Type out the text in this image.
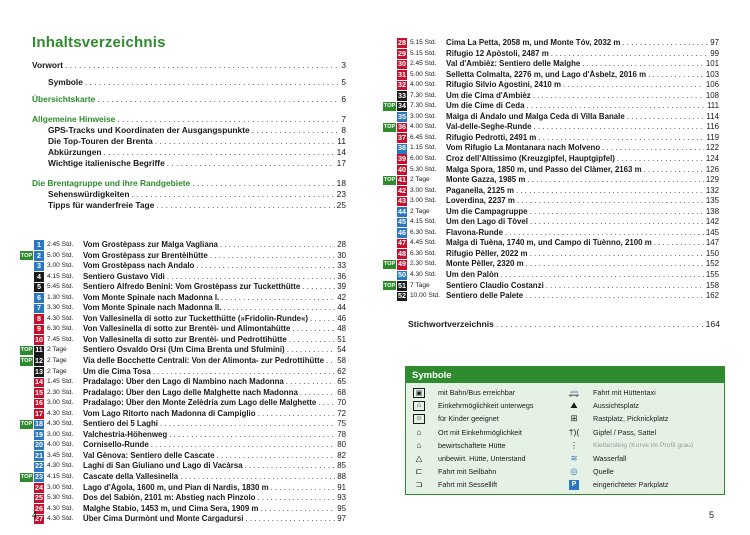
Inhaltsverzeichnis
Vorwort . . .	3
Symbole . . .	5
Übersichtskarte . . .	6
Allgemeine Hinweise . . .	7
GPS-Tracks und Koordinaten der Ausgangspunkte . . .	8
Die Top-Touren der Brenta . . .	11
Abkürzungen . . .	14
Wichtige italienische Begriffe . . .	17
Die Brentagruppe und ihre Randgebiete . . .	18
Sehenswürdigkeiten . . .	23
Tipps für wanderfreie Tage . . .	25
1 2.45 Std.	Vom Grostèpass zur Malga Vagliana . . .	28
TOP 2 5.00 Std.	Vom Grostèpass zur Brentèihütte . . .	30
3 3.00 Std.	Vom Grostèpass nach Andalo . . .	33
4 4.15 Std.	Sentiero Gustavo Vidi . . .	36
5 5.45 Std.	Sentiero Alfredo Benini: Vom Grostèpass zur Tucketthütte . . .	39
6 1.30 Std.	Vom Monte Spinale nach Madonna I. . . .	42
7 3.30 Std.	Vom Monte Spinale nach Madonna II. . . .	44
8 4.30 Std.	Von Vallesinella di sotto zur Tucketthütte (»Fridolin-Runde«) . . .	46
9 6.30 Std.	Von Vallesinella di sotto zur Brentèi- und Alimontahütte . . .	48
10 7.45 Std.	Von Vallesinella di sotto zur Brentèi- und Pedrottihütte . . .	51
TOP 11 2 Tage	Sentiero Osvaldo Orsi (Um Cima Brenta und Sfulmini) . . .	54
TOP 12 2 Tage	Via delle Bocchette Centrali: Von der Alimonta- zur Pedrottihütte . . . 58
13 2 Tage	Um die Cima Tosa . . .	62
14 1.45 Std.	Pradalago: Über den Lago di Nambino nach Madonna . . .	65
15 2.30 Std.	Pradalago: Über den Lago delle Malghette nach Madonna . . .	68
16 3.00 Std.	Pradalago: Über den Monte Zelèdria zum Lago delle Malghette . . .	70
17 4.30 Std.	Vom Lago Ritorto nach Madonna di Campiglio . . .	72
TOP 18 4.30 Std.	Sentiero dei 5 Laghi . . .	75
19 3.00 Std.	Valchestria-Höhenweg . . .	78
20 4.00 Std.	Cornisello-Runde . . .	80
21 3.45 Std.	Val Gènova: Sentiero delle Cascate . . .	82
22 4.30 Std.	Laghi di San Giuliano und Lago di Vacàrsa . . .	85
TOP 23 4.15 Std.	Cascate della Vallesinella . . .	88
24 3.00 Std.	Lago d'Àgola, 1600 m, und Pian di Nardis, 1830 m . . .	91
25 5.30 Std.	Dos del Sabiòn, 2101 m: Abstieg nach Pinzolo . . .	93
26 4.30 Std.	Malghe Stabio, 1453 m, und Cima Sera, 1909 m . . .	95
27 4.30 Std.	Über Cima Durmònt und Monte Cargadursi . . .	97
4
28 5.15 Std.	Cima La Petta, 2058 m, und Monte Tóv, 2032 m . . .	97
29 5.15 Std.	Rifugio 12 Apòstoli, 2487 m . . .	99
30 2.45 Std.	Val d'Ambièz: Sentiero delle Malghe . . .	101
31 5.00 Std.	Selletta Colmalta, 2276 m, und Lago d'Àsbelz, 2016 m . . .	103
32 4.00 Std.	Rifugio Silvio Agostini, 2410 m . . .	106
33 7.30 Std.	Um die Cima d'Ambièz . . .	108
TOP 34 7.30 Std.	Um die Cime di Ceda . . .	111
35 3.00 Std.	Malga di Àndalo und Malga Ceda di Villa Banale . . .	114
TOP 36 4.00 Std.	Val-delle-Seghe-Runde . . .	116
37 6.45 Std.	Rifugio Pedrotti, 2491 m . . .	119
38 1.15 Std.	Vom Rifugio La Montanara nach Molveno . . .	122
39 6.00 Std.	Croz dell'Altissimo (Kreuzgipfel, Hauptgipfel) . . .	124
40 5.30 Std.	Malga Spora, 1850 m, und Passo del Clàmer, 2163 m . . .	126
TOP 41 2 Tage	Monte Gazza, 1985 m . . .	129
42 3.00 Std.	Paganella, 2125 m . . .	132
43 3.00 Std.	Loverdina, 2237 m . . .	135
44 2 Tage	Um die Campagruppe . . .	138
45 4.15 Std.	Um den Lago di Tòvel . . .	142
46 6.30 Std.	Flavona-Runde . . .	145
47 4.45 Std.	Malga di Tuèna, 1740 m, und Campo di Tuènno, 2100 m . . .	147
48 6.30 Std.	Rifugio Pèller, 2022 m . . .	150
TOP 49 2.30 Std.	Monte Pèller, 2320 m . . .	152
50 4.30 Std.	Um den Palòn . . .	155
TOP 51 7 Tage	Sentiero Claudio Costanzi . . .	158
52 10.00 Std. Sentiero delle Palete . . .	162
Stichwortverzeichnis . . .	164
Symbole
▣	mit Bahn/Bus erreichbar	🚐	Fahrt mit Hüttentaxi
⌂	Einkehrmöglichkeit unterwegs	⛰	Aussichtsplatz
☺	für Kinder geeignet	⊞	Rastplatz, Picknickplatz
⌂	Ort mit Einkehrmöglichkeit	†)(	Gipfel / Pass, Sattel
⌂	bewirtschaftete Hütte	⋮	Klettersteig (Kurve im Profil grau)
△	unbewirt. Hütte, Unterstand	≋	Wasserfall
⊏	Fahrt mit Seilbahn	◎	Quelle
⊐	Fahrt mit Sessellift	P	eingerichteter Parkplatz
5
